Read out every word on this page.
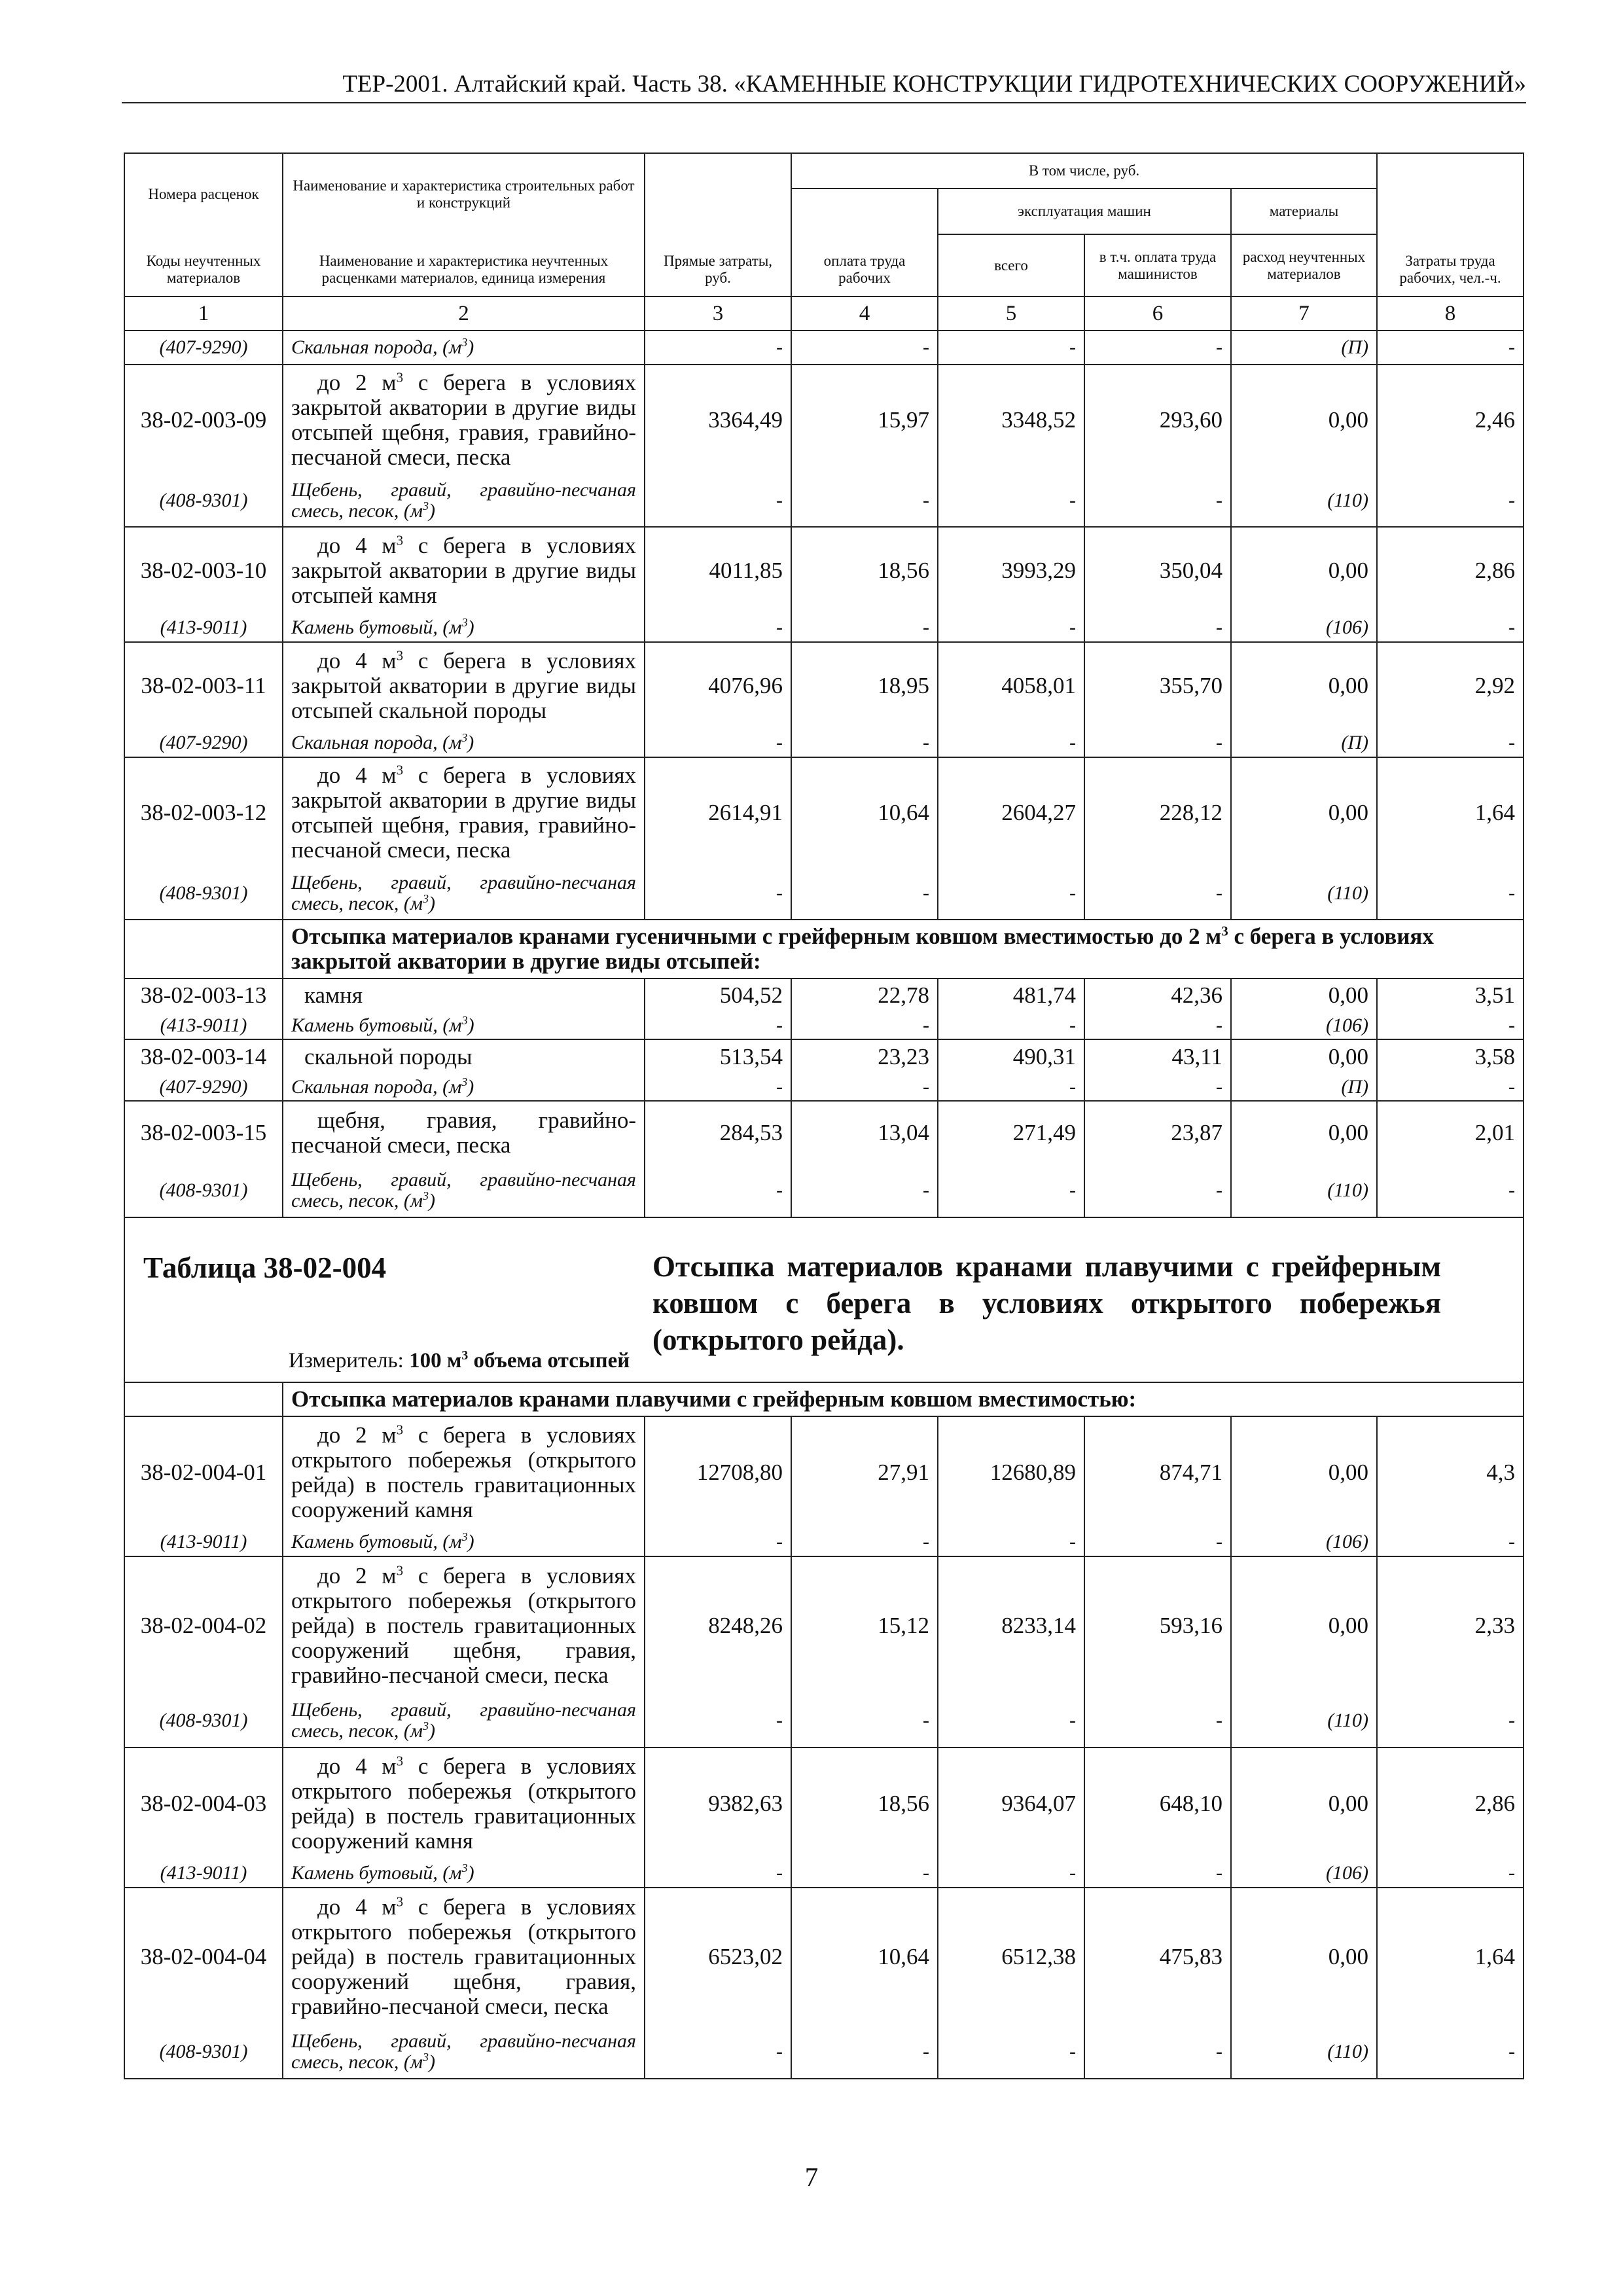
ТЕР-2001. Алтайский край. Часть 38. «КАМЕННЫЕ КОНСТРУКЦИИ ГИДРОТЕХНИЧЕСКИХ СООРУЖЕНИЙ»
Номера расценок	Наименование и характеристика строительных работ и конструкций	Прямые затраты, руб.	В том числе, руб.				Затраты труда рабочих, чел.-ч.
			оплата труда рабочих	эксплуатация машин		материалы	
Коды неучтенных материалов	Наименование и характеристика неучтенных расценками материалов, единица измерения			всего	в т.ч. оплата труда машинистов	расход неучтенных материалов	
1	2	3	4	5	6	7	8
(407-9290)	Скальная порода, $(м^3)$	-	-	-	-	(П)	-
38-02-003-09	до 2 $м^3$ с берега в условиях закрытой акватории в другие виды отсыпей щебня, гравия, гравийно-песчаной смеси, песка	3364,49	15,97	3348,52	293,60	0,00	2,46
(408-9301)	Щебень, гравий, гравийно-песчаная смесь, песок, $(м^3)$	-	-	-	-	(110)	-
38-02-003-10	до 4 $м^3$ с берега в условиях закрытой акватории в другие виды отсыпей камня	4011,85	18,56	3993,29	350,04	0,00	2,86
(413-9011)	Камень бутовый, $(м^3)$	-	-	-	-	(106)	-
38-02-003-11	до 4 $м^3$ с берега в условиях закрытой акватории в другие виды отсыпей скальной породы	4076,96	18,95	4058,01	355,70	0,00	2,92
(407-9290)	Скальная порода, $(м^3)$	-	-	-	-	(П)	-
38-02-003-12	до 4 $м^3$ с берега в условиях закрытой акватории в другие виды отсыпей щебня, гравия, гравийно-песчаной смеси, песка	2614,91	10,64	2604,27	228,12	0,00	1,64
(408-9301)	Щебень, гравий, гравийно-песчаная смесь, песок, $(м^3)$	-	-	-	-	(110)	-
	Отсыпка материалов кранами гусеничными с грейферным ковшом вместимостью до 2 $м^3$ с берега в условиях закрытой акватории в другие виды отсыпей:						
38-02-003-13	камня	504,52	22,78	481,74	42,36	0,00	3,51
(413-9011)	Камень бутовый, $(м^3)$	-	-	-	-	(106)	-
38-02-003-14	скальной породы	513,54	23,23	490,31	43,11	0,00	3,58
(407-9290)	Скальная порода, $(м^3)$	-	-	-	-	(П)	-
38-02-003-15	щебня, гравия, гравийно-песчаной смеси, песка	284,53	13,04	271,49	23,87	0,00	2,01
(408-9301)	Щебень, гравий, гравийно-песчаная смесь, песок, $(м^3)$	-	-	-	-	(110)	-

Таблица 38-02-004 Отсыпка материалов кранами плавучими с грейферным ковшом с берега в условиях открытого побережья (открытого рейда).
Измеритель: 100 $м^3$ объема отсыпей							

	Отсыпка материалов кранами плавучими с грейферным ковшом вместимостью:						
38-02-004-01	до 2 $м^3$ с берега в условиях открытого побережья (открытого рейда) в постель гравитационных сооружений камня	12708,80	27,91	12680,89	874,71	0,00	4,3
(413-9011)	Камень бутовый, $(м^3)$	-	-	-	-	(106)	-
38-02-004-02	до 2 $м^3$ с берега в условиях открытого побережья (открытого рейда) в постель гравитационных сооружений щебня, гравия, гравийно-песчаной смеси, песка	8248,26	15,12	8233,14	593,16	0,00	2,33
(408-9301)	Щебень, гравий, гравийно-песчаная смесь, песок, $(м^3)$	-	-	-	-	(110)	-
38-02-004-03	до 4 $м^3$ с берега в условиях открытого побережья (открытого рейда) в постель гравитационных сооружений камня	9382,63	18,56	9364,07	648,10	0,00	2,86
(413-9011)	Камень бутовый, $(м^3)$	-	-	-	-	(106)	-
38-02-004-04	до 4 $м^3$ с берега в условиях открытого побережья (открытого рейда) в постель гравитационных сооружений щебня, гравия, гравийно-песчаной смеси, песка	6523,02	10,64	6512,38	475,83	0,00	1,64
(408-9301)	Щебень, гравий, гравийно-песчаная смесь, песок, $(м^3)$	-	-	-	-	(110)	-
7
